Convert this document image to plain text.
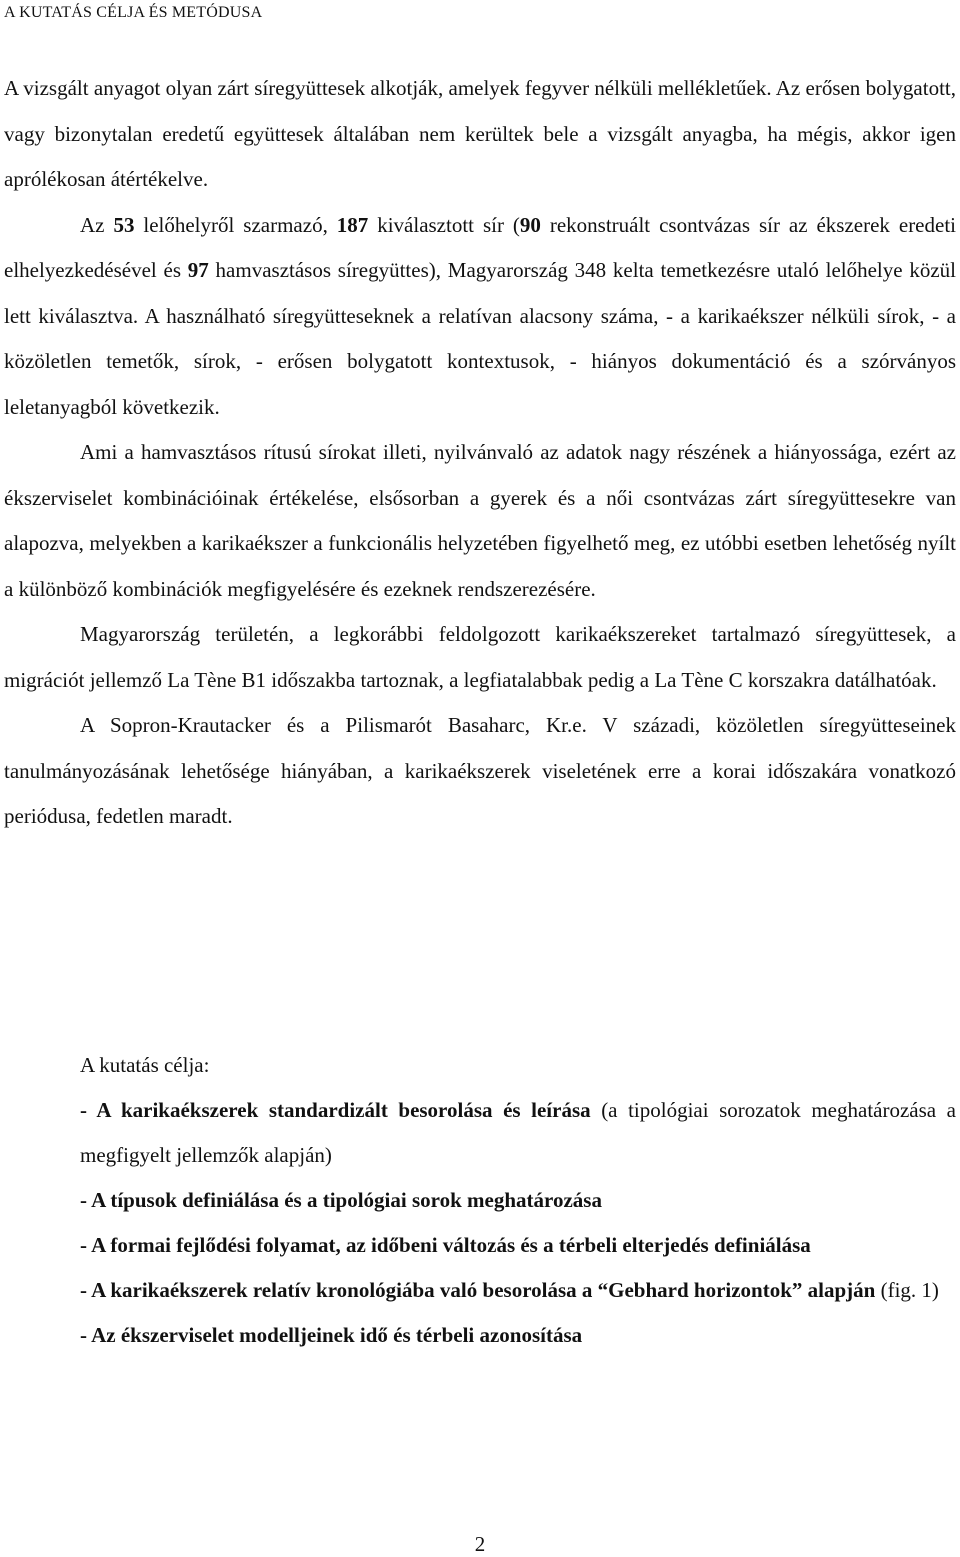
A KUTATÁS CÉLJA ÉS METÓDUSA

A vizsgált anyagot olyan zárt síregyüttesek alkotják, amelyek fegyver nélküli mellékletűek. Az erősen bolygatott, vagy bizonytalan eredetű együttesek általában nem kerültek bele a vizsgált anyagba, ha mégis, akkor igen aprólékosan átértékelve.

Az 53 lelőhelyről szarmazó, 187 kiválasztott sír (90 rekonstruált csontvázas sír az ékszerek eredeti elhelyezkedésével és 97 hamvasztásos síregyüttes), Magyarország 348 kelta temetkezésre utaló lelőhelye közül lett kiválasztva. A használható síregyütteseknek a relatívan alacsony száma, - a karikaékszer nélküli sírok, - a közöletlen temetők, sírok, - erősen bolygatott kontextusok, - hiányos dokumentáció és a szórványos leletanyagból következik.

Ami a hamvasztásos rítusú sírokat illeti, nyilvánvaló az adatok nagy részének a hiányossága, ezért az ékszerviselet kombinációinak értékelése, elsősorban a gyerek és a női csontvázas zárt síregyüttesekre van alapozva, melyekben a karikaékszer a funkcionális helyzetében figyelhető meg, ez utóbbi esetben lehetőség nyílt a különböző kombinációk megfigyelésére és ezeknek rendszerezésére.

Magyarország területén, a legkorábbi feldolgozott karikaékszereket tartalmazó síregyüttesek, a migrációt jellemző La Tène B1 időszakba tartoznak, a legfiatalabbak pedig a La Tène C korszakra datálhatóak.

A Sopron-Krautacker és a Pilismarót Basaharc, Kr.e. V századi, közöletlen síregyütteseinek tanulmányozásának lehetősége hiányában, a karikaékszerek viseletének erre a korai időszakára vonatkozó periódusa, fedetlen maradt.

A kutatás célja:

- A karikaékszerek standardizált besorolása és leírása (a tipológiai sorozatok meghatározása a megfigyelt jellemzők alapján)

- A típusok definiálása és a tipológiai sorok meghatározása

- A formai fejlődési folyamat, az időbeni változás és a térbeli elterjedés definiálása

- A karikaékszerek relatív kronológiába való besorolása a “Gebhard horizontok” alapján (fig. 1)

- Az ékszerviselet modelljeinek idő és térbeli azonosítása

2
